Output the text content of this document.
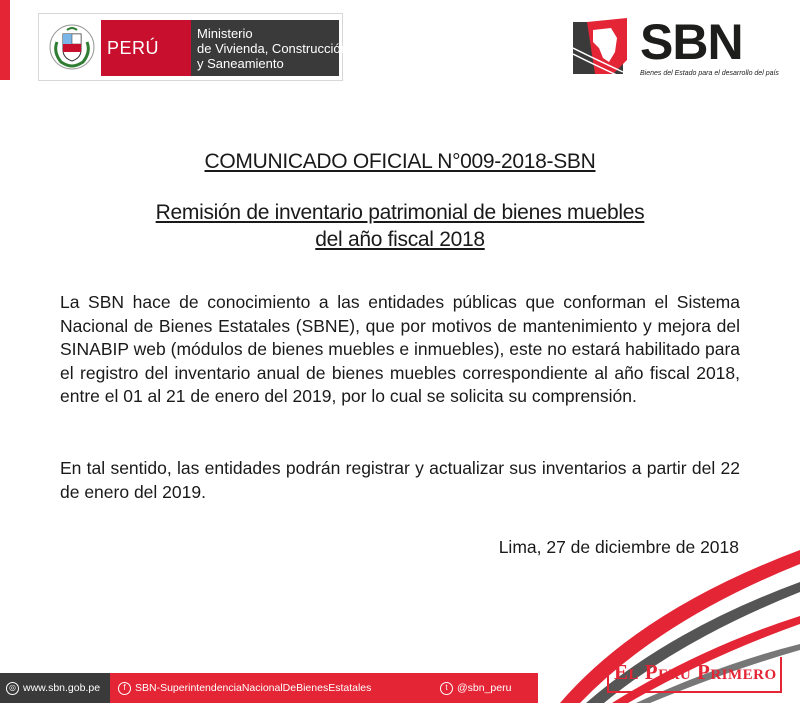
PERÚ
Ministerio
de Vivienda, Construcción
y Saneamiento	SBN
Bienes del Estado para el desarrollo del país
COMUNICADO OFICIAL N°009-2018-SBN
Remisión de inventario patrimonial de bienes muebles
del año fiscal 2018
La SBN hace de conocimiento a las entidades públicas que conforman el Sistema Nacional de Bienes Estatales (SBNE), que por motivos de mantenimiento y mejora del SINABIP web (módulos de bienes muebles e inmuebles), este no estará habilitado para el registro del inventario anual de bienes muebles correspondiente al año fiscal 2018, entre el 01 al 21 de enero del 2019, por lo cual se solicita su comprensión.
En tal sentido, las entidades podrán registrar y actualizar sus inventarios a partir del 22 de enero del 2019.
Lima, 27 de diciembre de 2018
◎ www.sbn.gob.pe	f SBN-SuperintendenciaNacionalDeBienesEstatales	t @sbn_peru
El Perú Primero
